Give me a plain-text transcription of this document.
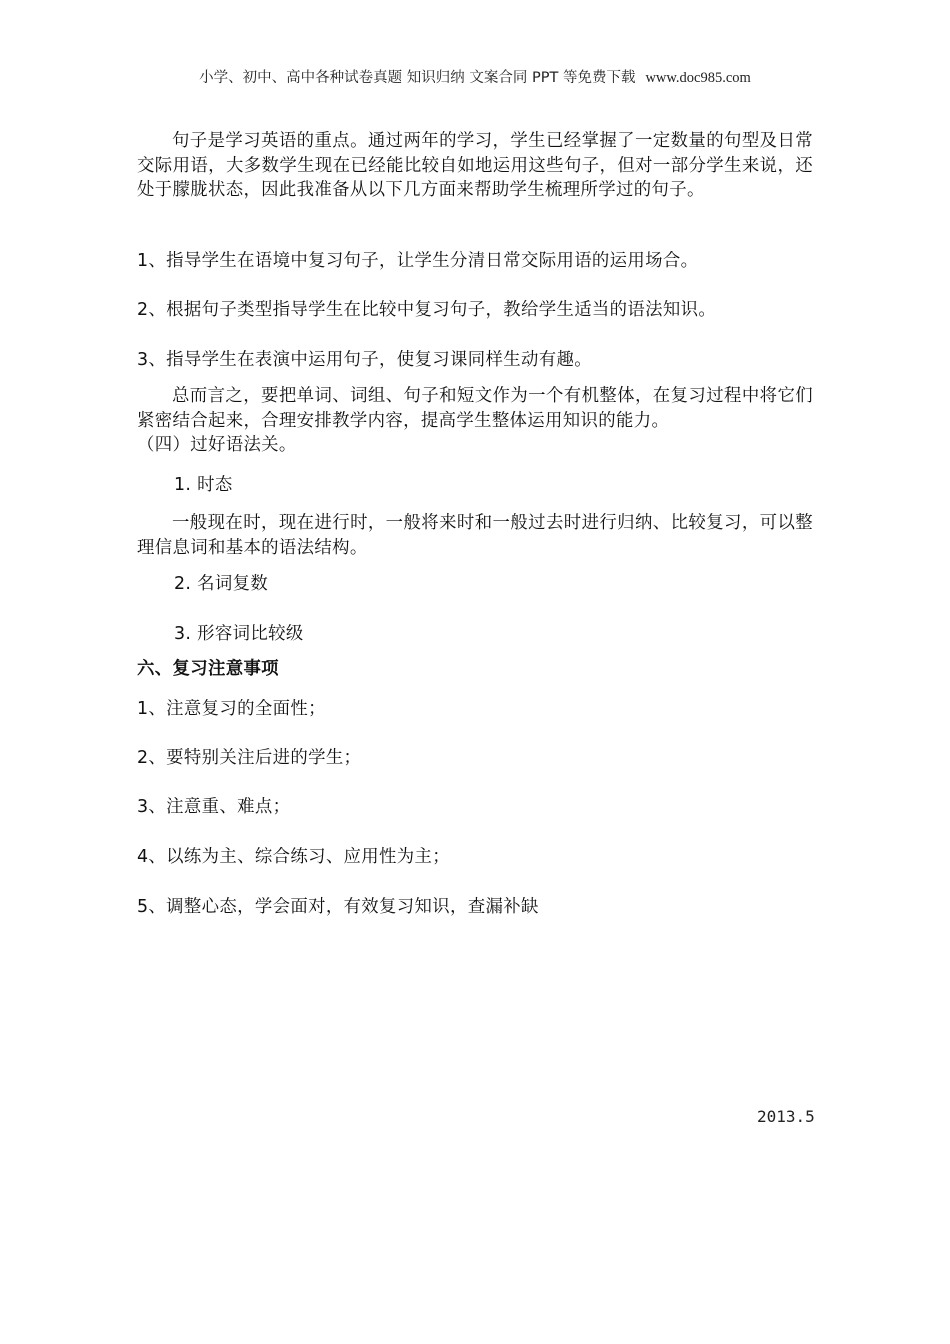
小学、初中、高中各种试卷真题 知识归纳 文案合同 PPT 等免费下载 www.doc985.com
句子是学习英语的重点。通过两年的学习，学生已经掌握了一定数量的句型及日常交际用语，大多数学生现在已经能比较自如地运用这些句子，但对一部分学生来说，还处于朦胧状态，因此我准备从以下几方面来帮助学生梳理所学过的句子。
1、指导学生在语境中复习句子，让学生分清日常交际用语的运用场合。
2、根据句子类型指导学生在比较中复习句子，教给学生适当的语法知识。
3、指导学生在表演中运用句子，使复习课同样生动有趣。
总而言之，要把单词、词组、句子和短文作为一个有机整体，在复习过程中将它们紧密结合起来，合理安排教学内容，提高学生整体运用知识的能力。
（四）过好语法关。
1. 时态
一般现在时，现在进行时，一般将来时和一般过去时进行归纳、比较复习，可以整理信息词和基本的语法结构。
2. 名词复数
3. 形容词比较级
六、复习注意事项
1、注意复习的全面性；
2、要特别关注后进的学生；
3、注意重、难点；
4、以练为主、综合练习、应用性为主；
5、调整心态，学会面对，有效复习知识，查漏补缺
2013.5
